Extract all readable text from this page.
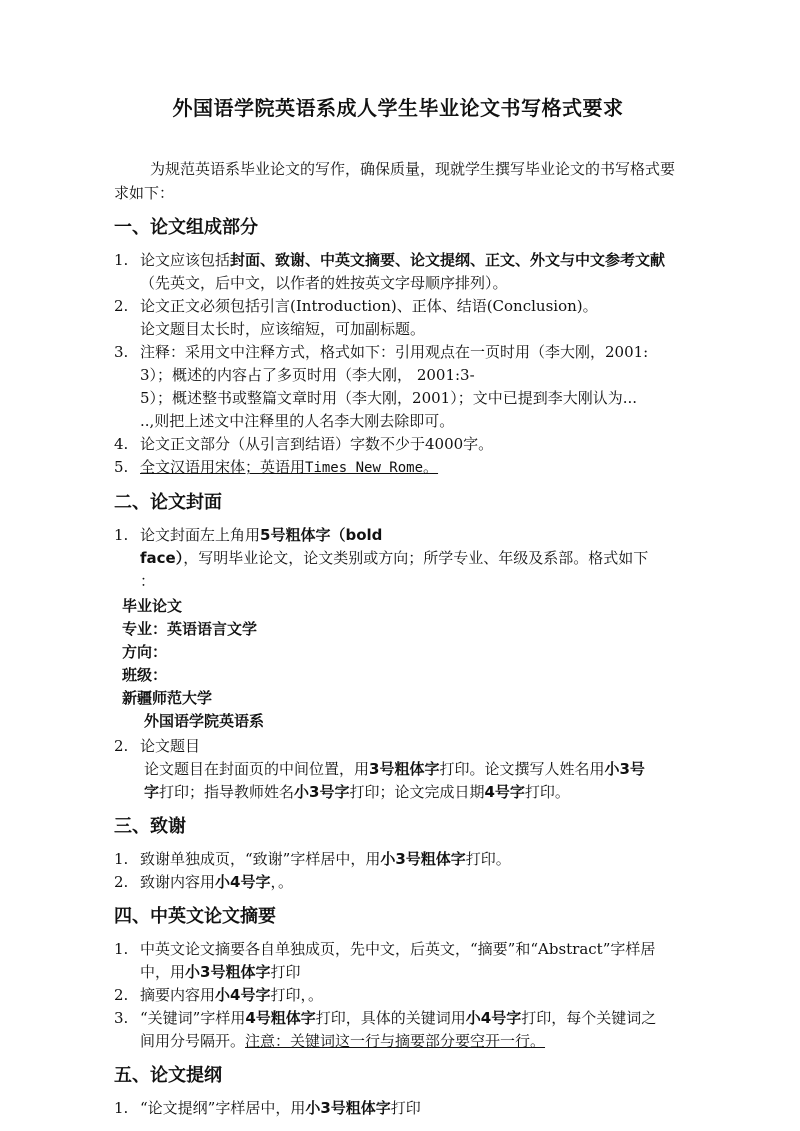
外国语学院英语系成人学生毕业论文书写格式要求

为规范英语系毕业论文的写作，确保质量，现就学生撰写毕业论文的书写格式要求如下：

一、论文组成部分

1. 论文应该包括封面、致谢、中英文摘要、论文提纲、正文、外文与中文参考文献（先英文，后中文，以作者的姓按英文字母顺序排列）。

2. 论文正文必须包括引言(Introduction)、正体、结语(Conclusion)。
论文题目太长时，应该缩短，可加副标题。

3. 注释：采用文中注释方式，格式如下：引用观点在一页时用（李大刚，2001:
3）；概述的内容占了多页时用（李大刚， 2001:3-
5）；概述整书或整篇文章时用（李大刚，2001）；文中已提到李大刚认为...
..,则把上述文中注释里的人名李大刚去除即可。

4. 论文正文部分（从引言到结语）字数不少于4000字。

5. 全文汉语用宋体；英语用Times New Rome。

二、论文封面

1. 论文封面左上角用5号粗体字（bold
face），写明毕业论文，论文类别或方向；所学专业、年级及系部。格式如下
：

毕业论文
专业：英语语言文学
方向：
班级：
新疆师范大学
外国语学院英语系

2. 论文题目

论文题目在封面页的中间位置，用3号粗体字打印。论文撰写人姓名用小3号
字打印；指导教师姓名小3号字打印；论文完成日期4号字打印。
三、致谢

1. 致谢单独成页，“致谢”字样居中，用小3号粗体字打印。

2. 致谢内容用小4号字，。

四、中英文论文摘要

1. 中英文论文摘要各自单独成页，先中文，后英文，“摘要”和“Abstract”字样居
中，用小3号粗体字打印

2. 摘要内容用小4号字打印，。

3. “关键词”字样用4号粗体字打印，具体的关键词用小4号字打印，每个关键词之
间用分号隔开。注意：关键词这一行与摘要部分要空开一行。

五、论文提纲

1. “论文提纲”字样居中，用小3号粗体字打印
